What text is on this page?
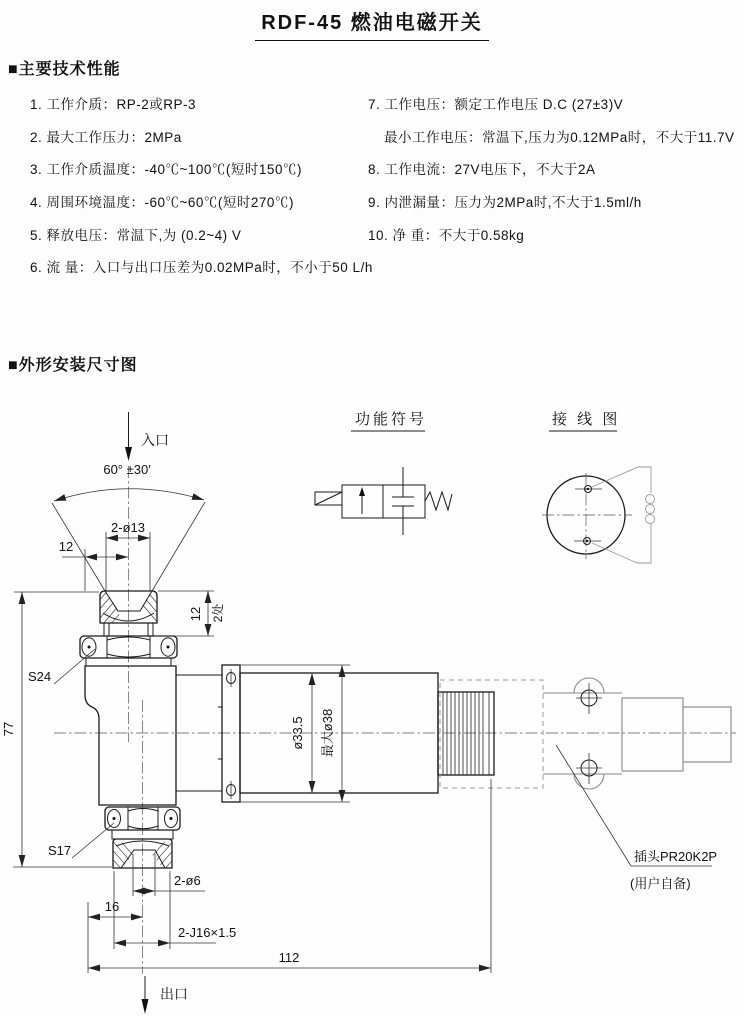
RDF-45 燃油电磁开关
■主要技术性能
1. 工作介质：RP-2或RP-3
2. 最大工作压力：2MPa
3. 工作介质温度：-40℃~100℃(短时150℃)
4. 周围环境温度：-60℃~60℃(短时270℃)
5. 释放电压：常温下,为 (0.2~4) V
6. 流 量：入口与出口压差为0.02MPa时，不小于50 L/h
7. 工作电压：额定工作电压 D.C (27±3)V
最小工作电压：常温下,压力为0.12MPa时，不大于11.7V
8. 工作电流：27V电压下，不大于2A
9. 内泄漏量：压力为2MPa时,不大于1.5ml/h
10. 净 重：不大于0.58kg
■外形安装尺寸图
入口
60° ±30′
2-ø13
12
12 2处
S24
77	ø33.5 最大ø38
插头PR20K2P
(用户自备)
S17
2-ø6
16
2-J16×1.5
112
出口
功能符号	接 线 图
